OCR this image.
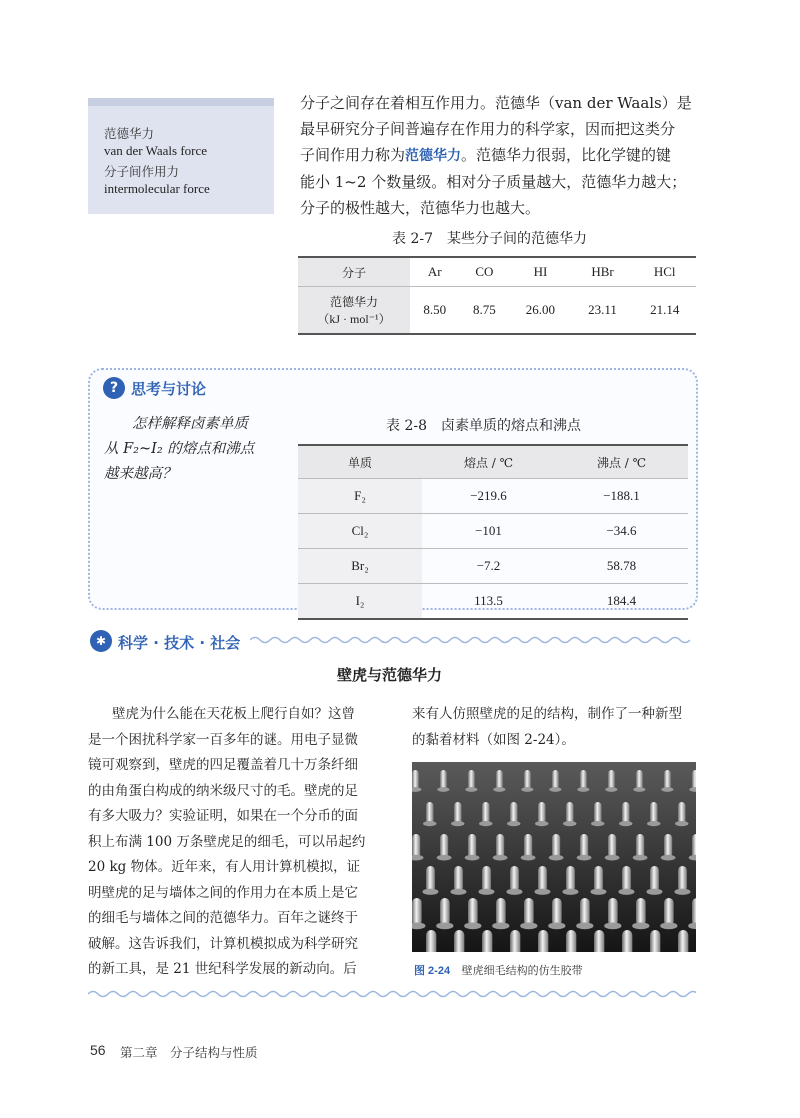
范德华力
van der Waals force
分子间作用力
intermolecular force
分子之间存在着相互作用力。范德华（van der Waals）是
最早研究分子间普遍存在作用力的科学家，因而把这类分
子间作用力称为范德华力。范德华力很弱，比化学键的键
能小 1~2 个数量级。相对分子质量越大，范德华力越大；
分子的极性越大，范德华力也越大。
表 2-7　某些分子间的范德华力
分子	Ar	CO	HI	HBr	HCl

范德华力
（kJ · mol⁻¹）	8.50	8.75	26.00	23.11	21.14
? 思考与讨论
怎样解释卤素单质
从 F₂~I₂ 的熔点和沸点
越来越高？
表 2-8　卤素单质的熔点和沸点
单质	熔点 / ℃	沸点 / ℃
F₂	−219.6	−188.1
Cl₂	−101	−34.6
Br₂	−7.2	58.78
I₂	113.5	184.4
✱ 科学 · 技术 · 社会
壁虎与范德华力
壁虎为什么能在天花板上爬行自如？这曾
是一个困扰科学家一百多年的谜。用电子显微
镜可观察到，壁虎的四足覆盖着几十万条纤细
的由角蛋白构成的纳米级尺寸的毛。壁虎的足
有多大吸力？实验证明，如果在一个分币的面
积上布满 100 万条壁虎足的细毛，可以吊起约
20 kg 物体。近年来，有人用计算机模拟，证
明壁虎的足与墙体之间的作用力在本质上是它
的细毛与墙体之间的范德华力。百年之谜终于
破解。这告诉我们，计算机模拟成为科学研究
的新工具，是 21 世纪科学发展的新动向。后
来有人仿照壁虎的足的结构，制作了一种新型
的黏着材料（如图 2-24）。
图 2-24 壁虎细毛结构的仿生胶带
56 第二章　分子结构与性质
